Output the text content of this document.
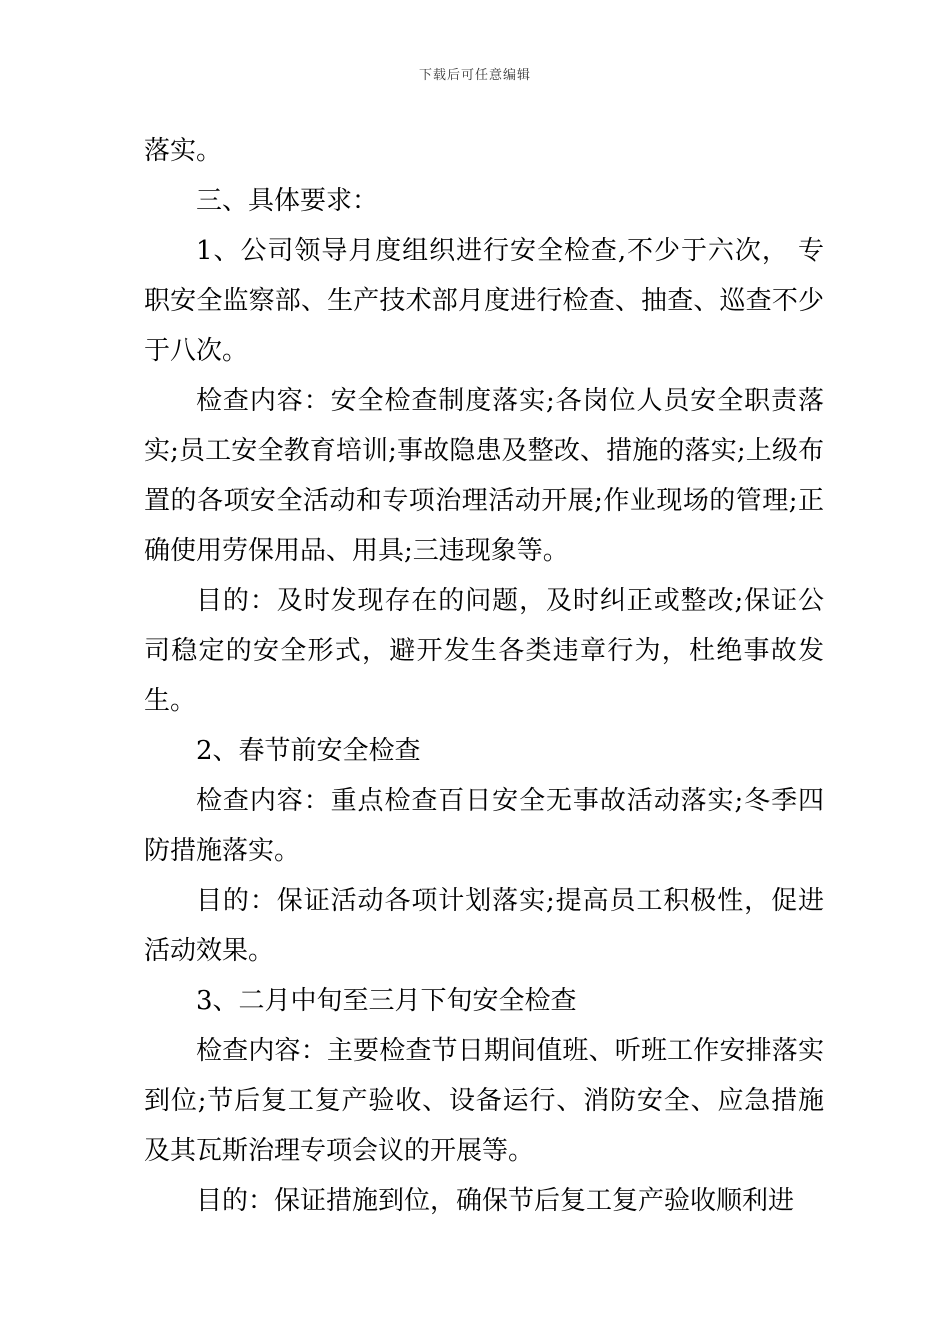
下载后可任意编辑

落实。

三、具体要求：

1、公司领导月度组织进行安全检查,不少于六次， 专职安全监察部、生产技术部月度进行检查、抽查、巡查不少于八次。

检查内容：安全检查制度落实;各岗位人员安全职责落实;员工安全教育培训;事故隐患及整改、措施的落实;上级布置的各项安全活动和专项治理活动开展;作业现场的管理;正确使用劳保用品、用具;三违现象等。

目的：及时发现存在的问题，及时纠正或整改;保证公司稳定的安全形式，避开发生各类违章行为，杜绝事故发生。

2、春节前安全检查

检查内容：重点检查百日安全无事故活动落实;冬季四防措施落实。

目的：保证活动各项计划落实;提高员工积极性，促进活动效果。

3、二月中旬至三月下旬安全检查

检查内容：主要检查节日期间值班、听班工作安排落实到位;节后复工复产验收、设备运行、消防安全、应急措施及其瓦斯治理专项会议的开展等。

目的：保证措施到位，确保节后复工复产验收顺利进
